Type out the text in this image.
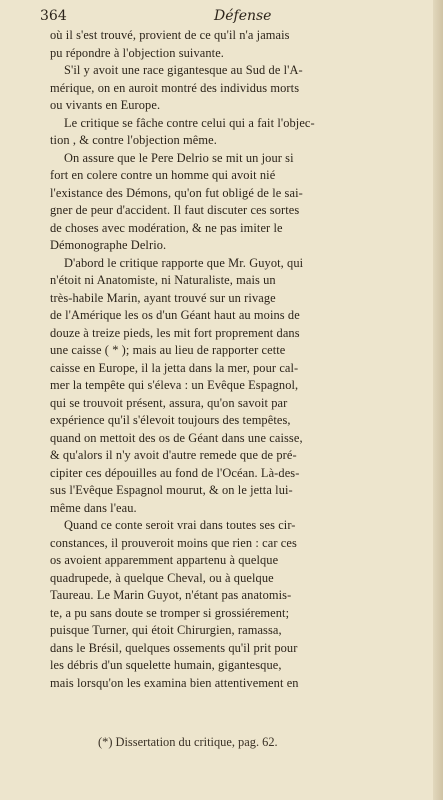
364	Défense
où il s'est trouvé, provient de ce qu'il n'a jamais
pu répondre à l'objection suivante.
S'il y avoit une race gigantesque au Sud de l'A-
mérique, on en auroit montré des individus morts
ou vivants en Europe.
Le critique se fâche contre celui qui a fait l'objec-
tion , & contre l'objection même.
On assure que le Pere Delrio se mit un jour si
fort en colere contre un homme qui avoit nié
l'existance des Démons, qu'on fut obligé de le sai-
gner de peur d'accident. Il faut discuter ces sortes
de choses avec modération, & ne pas imiter le
Démonographe Delrio.
D'abord le critique rapporte que Mr. Guyot, qui
n'étoit ni Anatomiste, ni Naturaliste, mais un
très-habile Marin, ayant trouvé sur un rivage
de l'Amérique les os d'un Géant haut au moins de
douze à treize pieds, les mit fort proprement dans
une caisse ( * ); mais au lieu de rapporter cette
caisse en Europe, il la jetta dans la mer, pour cal-
mer la tempête qui s'éleva : un Evêque Espagnol,
qui se trouvoit présent, assura, qu'on savoit par
expérience qu'il s'élevoit toujours des tempêtes,
quand on mettoit des os de Géant dans une caisse,
& qu'alors il n'y avoit d'autre remede que de pré-
cipiter ces dépouilles au fond de l'Océan. Là-des-
sus l'Evêque Espagnol mourut, & on le jetta lui-
même dans l'eau.
Quand ce conte seroit vrai dans toutes ses cir-
constances, il prouveroit moins que rien : car ces
os avoient apparemment appartenu à quelque
quadrupede, à quelque Cheval, ou à quelque
Taureau. Le Marin Guyot, n'étant pas anatomis-
te, a pu sans doute se tromper si grossiérement;
puisque Turner, qui étoit Chirurgien, ramassa,
dans le Brésil, quelques ossements qu'il prit pour
les débris d'un squelette humain, gigantesque,
mais lorsqu'on les examina bien attentivement en
(*) Dissertation du critique, pag. 62.
